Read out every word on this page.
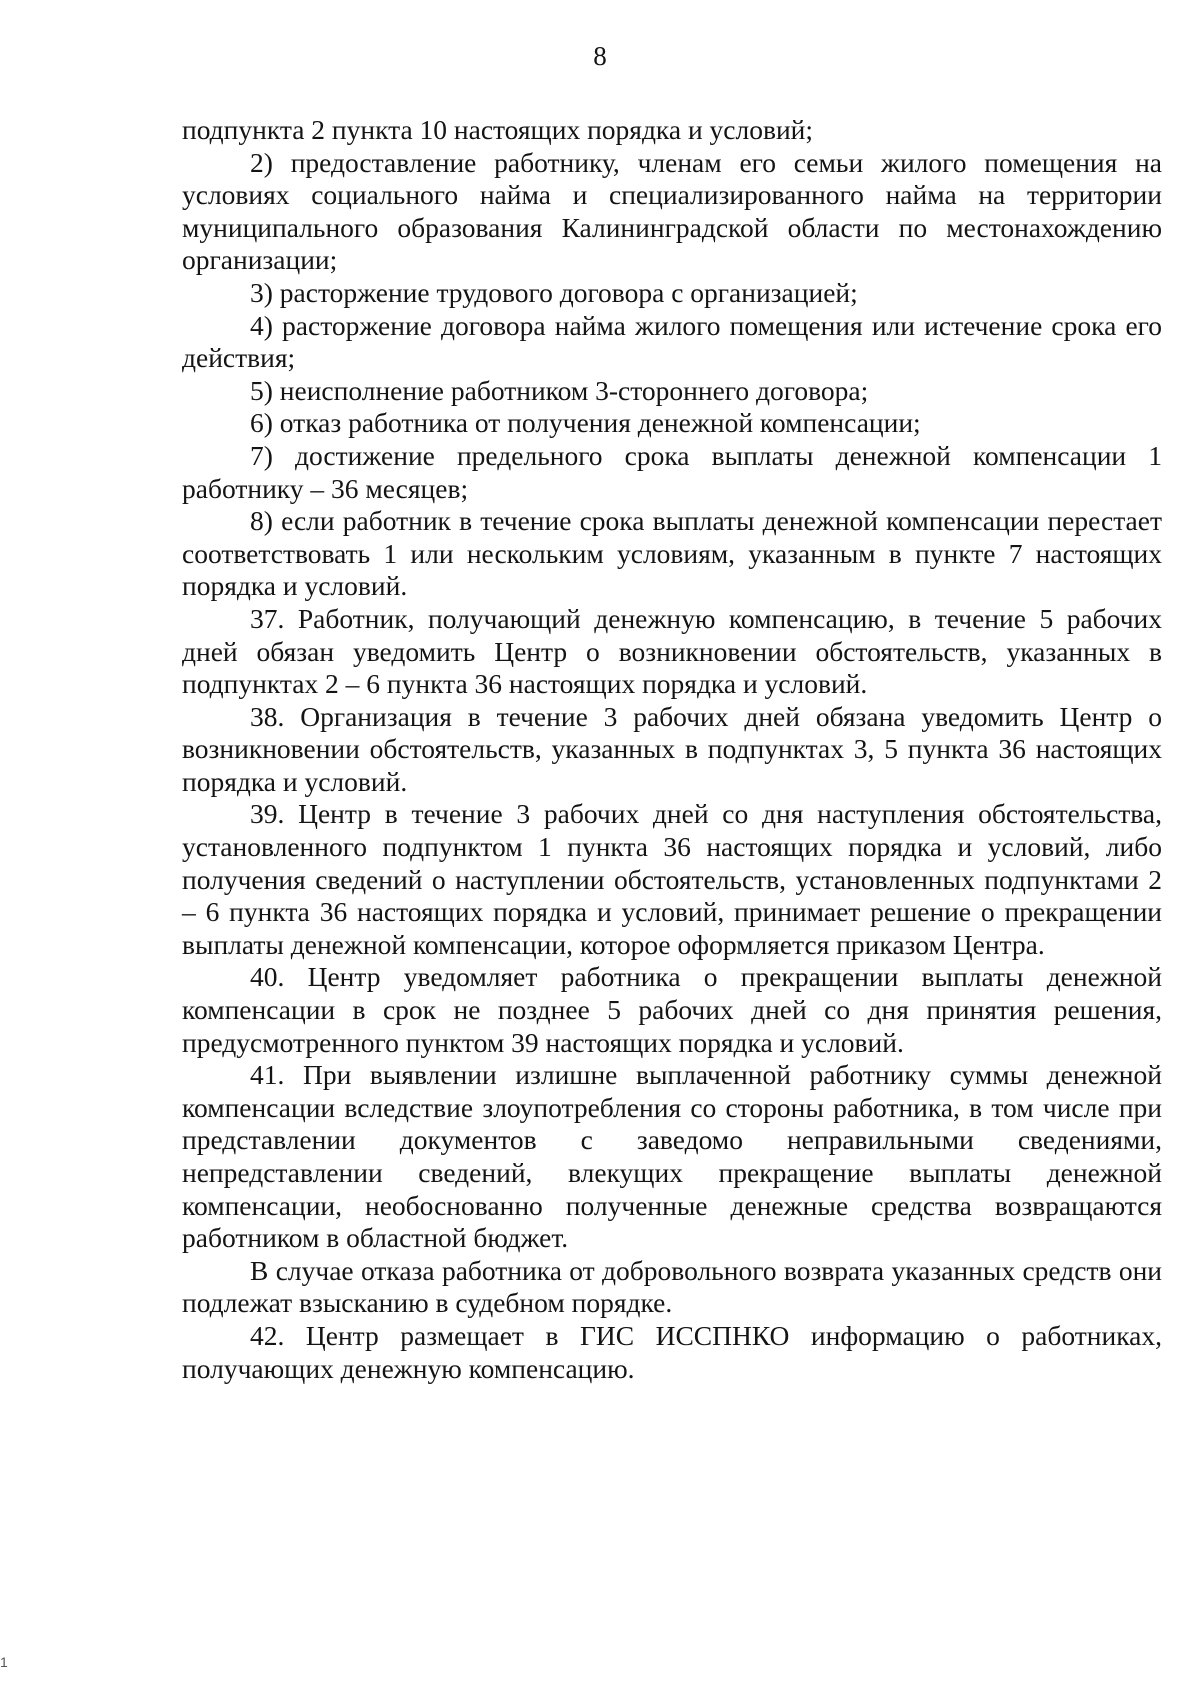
8

подпункта 2 пункта 10 настоящих порядка и условий;

2) предоставление работнику, членам его семьи жилого помещения на условиях социального найма и специализированного найма на территории муниципального образования Калининградской области по местонахождению организации;

3) расторжение трудового договора с организацией;

4) расторжение договора найма жилого помещения или истечение срока его действия;

5) неисполнение работником 3-стороннего договора;

6) отказ работника от получения денежной компенсации;

7) достижение предельного срока выплаты денежной компенсации 1 работнику – 36 месяцев;

8) если работник в течение срока выплаты денежной компенсации перестает соответствовать 1 или нескольким условиям, указанным в пункте 7 настоящих порядка и условий.

37. Работник, получающий денежную компенсацию, в течение 5 рабочих дней обязан уведомить Центр о возникновении обстоятельств, указанных в подпунктах 2 – 6 пункта 36 настоящих порядка и условий.

38. Организация в течение 3 рабочих дней обязана уведомить Центр о возникновении обстоятельств, указанных в подпунктах 3, 5 пункта 36 настоящих порядка и условий.

39. Центр в течение 3 рабочих дней со дня наступления обстоятельства, установленного подпунктом 1 пункта 36 настоящих порядка и условий, либо получения сведений о наступлении обстоятельств, установленных подпунктами 2 – 6 пункта 36 настоящих порядка и условий, принимает решение о прекращении выплаты денежной компенсации, которое оформляется приказом Центра.

40. Центр уведомляет работника о прекращении выплаты денежной компенсации в срок не позднее 5 рабочих дней со дня принятия решения, предусмотренного пунктом 39 настоящих порядка и условий.

41. При выявлении излишне выплаченной работнику суммы денежной компенсации вследствие злоупотребления со стороны работника, в том числе при представлении документов с заведомо неправильными сведениями, непредставлении сведений, влекущих прекращение выплаты денежной компенсации, необоснованно полученные денежные средства возвращаются работником в областной бюджет.

В случае отказа работника от добровольного возврата указанных средств они подлежат взысканию в судебном порядке.

42. Центр размещает в ГИС ИССПНКО информацию о работниках, получающих денежную компенсацию.

1
